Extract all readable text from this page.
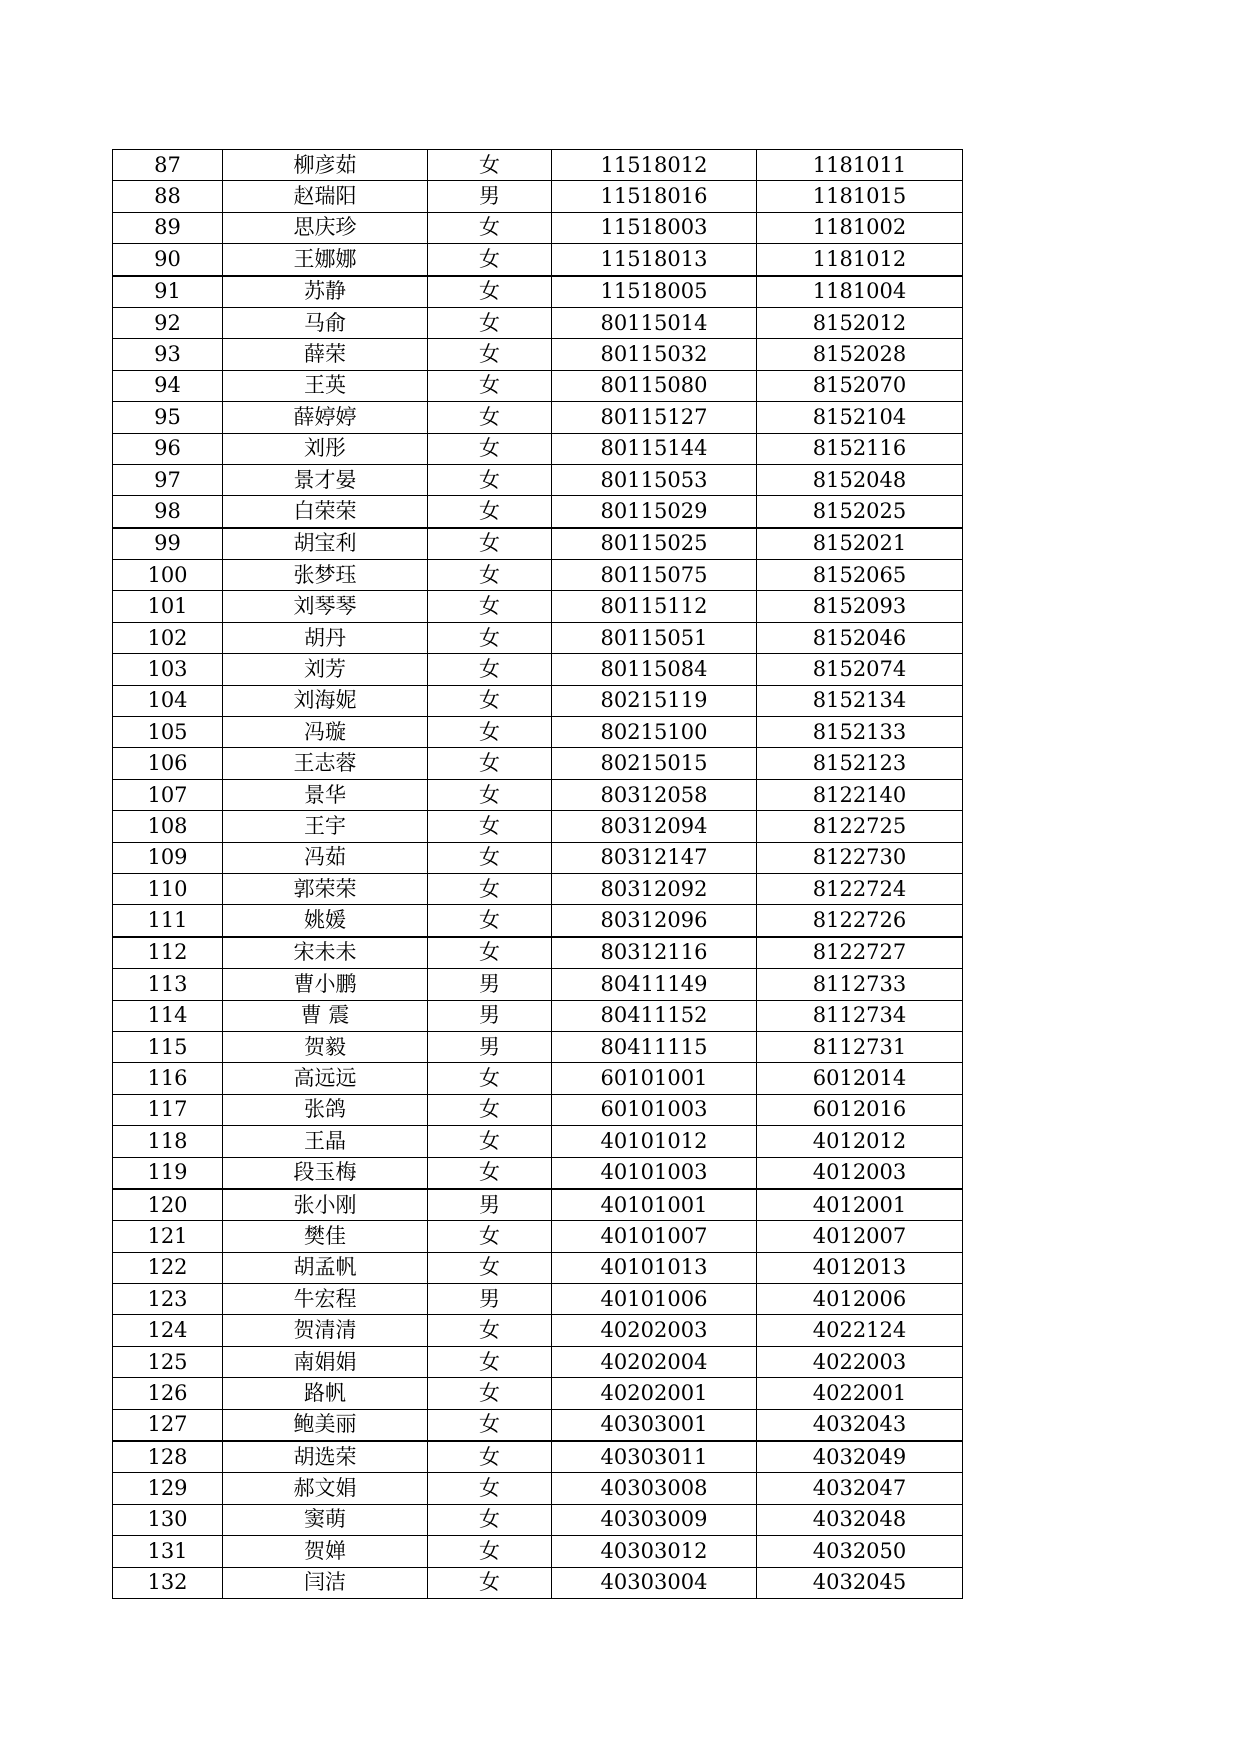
87	柳彦茹	女	11518012	1181011
88	赵瑞阳	男	11518016	1181015
89	思庆珍	女	11518003	1181002
90	王娜娜	女	11518013	1181012
91	苏静	女	11518005	1181004
92	马俞	女	80115014	8152012
93	薛荣	女	80115032	8152028
94	王英	女	80115080	8152070
95	薛婷婷	女	80115127	8152104
96	刘彤	女	80115144	8152116
97	景才晏	女	80115053	8152048
98	白荣荣	女	80115029	8152025
99	胡宝利	女	80115025	8152021
100	张梦珏	女	80115075	8152065
101	刘琴琴	女	80115112	8152093
102	胡丹	女	80115051	8152046
103	刘芳	女	80115084	8152074
104	刘海妮	女	80215119	8152134
105	冯璇	女	80215100	8152133
106	王志蓉	女	80215015	8152123
107	景华	女	80312058	8122140
108	王宇	女	80312094	8122725
109	冯茹	女	80312147	8122730
110	郭荣荣	女	80312092	8122724
111	姚媛	女	80312096	8122726
112	宋未未	女	80312116	8122727
113	曹小鹏	男	80411149	8112733
114	曹 震	男	80411152	8112734
115	贺毅	男	80411115	8112731
116	高远远	女	60101001	6012014
117	张鸽	女	60101003	6012016
118	王晶	女	40101012	4012012
119	段玉梅	女	40101003	4012003
120	张小刚	男	40101001	4012001
121	樊佳	女	40101007	4012007
122	胡孟帆	女	40101013	4012013
123	牛宏程	男	40101006	4012006
124	贺清清	女	40202003	4022124
125	南娟娟	女	40202004	4022003
126	路帆	女	40202001	4022001
127	鲍美丽	女	40303001	4032043
128	胡选荣	女	40303011	4032049
129	郝文娟	女	40303008	4032047
130	窦萌	女	40303009	4032048
131	贺婵	女	40303012	4032050
132	闫洁	女	40303004	4032045
